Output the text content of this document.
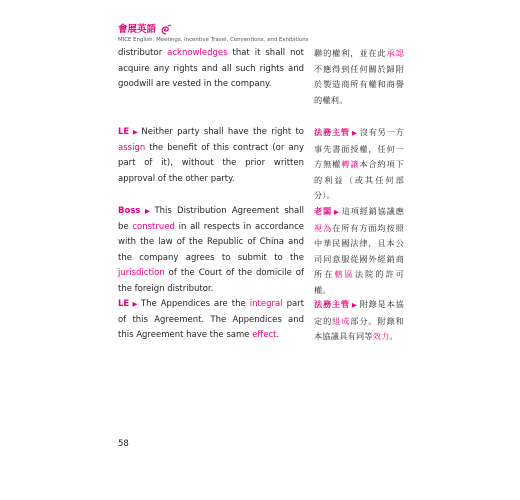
會展英語
MICE English: Meetings, Incentive Travel, Conventions, and Exhibitions
distributor acknowledges that it shall not acquire any rights and all such rights and goodwill are vested in the company.
聯的權利，並在此承認不應得到任何關於歸附於製造商所有權和商譽的權利。
LE ▶ Neither party shall have the right to assign the benefit of this contract (or any part of it), without the prior written approval of the other party.
法務主管 ▶ 沒有另一方事先書面授權，任何一方無權轉讓本合約項下的利益（或其任何部分）。
Boss ▶ This Distribution Agreement shall be construed in all respects in accordance with the law of the Republic of China and the company agrees to submit to the jurisdiction of the Court of the domicile of the foreign distributor.
老闆 ▶ 這項經銷協議應視為在所有方面均按照中華民國法律，且本公司同意服從國外經銷商所在轄區法院的許可權。
LE ▶ The Appendices are the integral part of this Agreement. The Appendices and this Agreement have the same effect.
法務主管 ▶ 附錄是本協定的組成部分。附錄和本協議具有同等效力。
58
